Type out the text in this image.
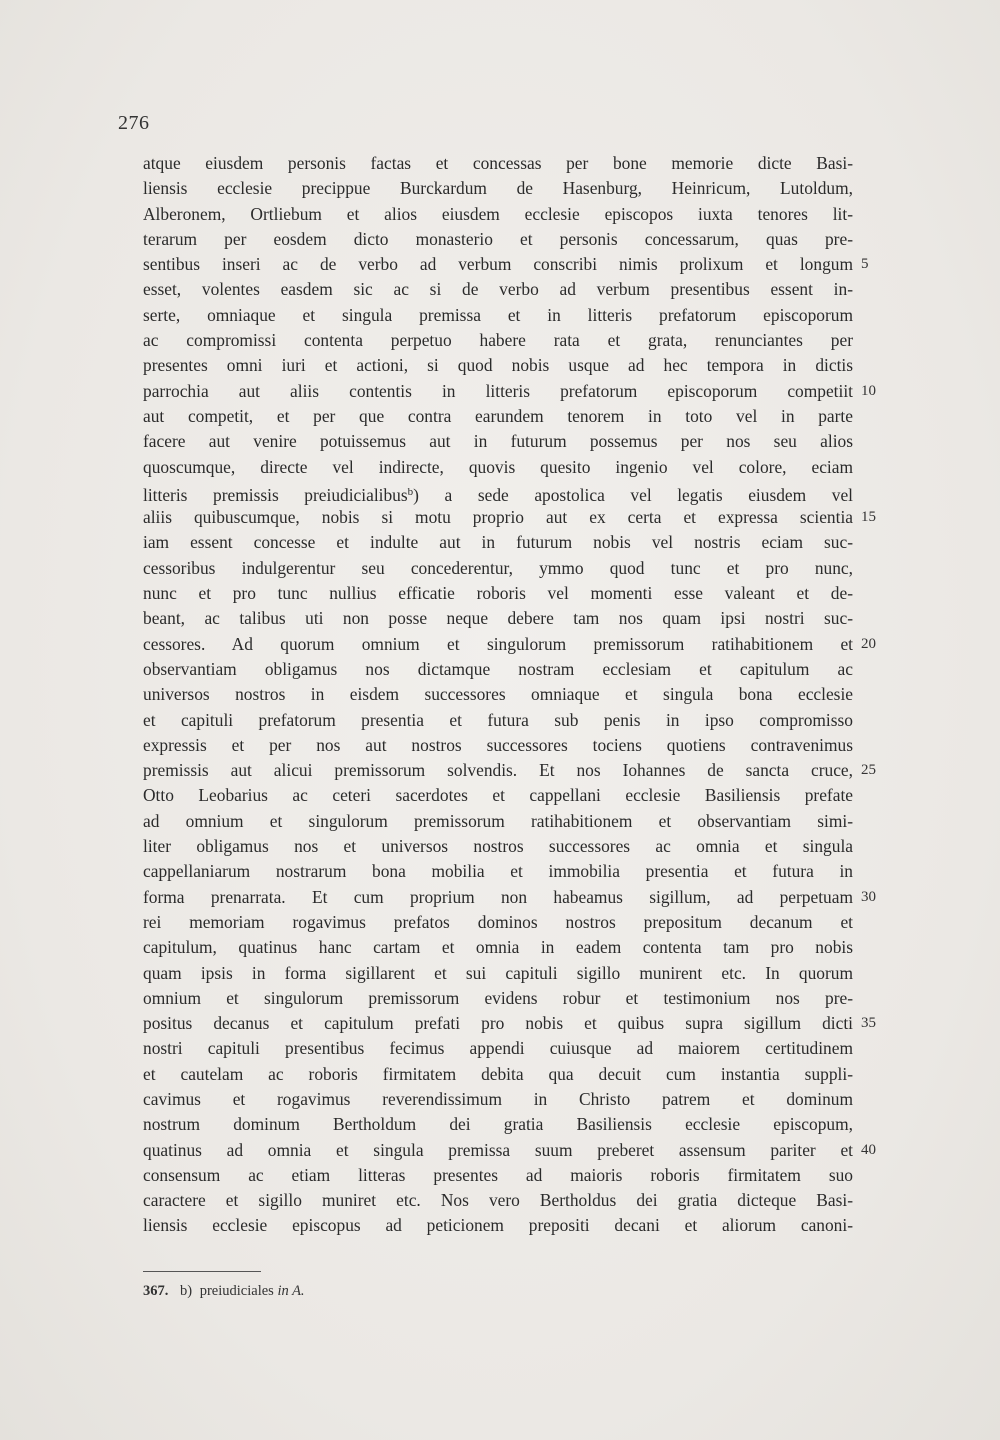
276
atque eiusdem personis factas et concessas per bone memorie dicte Basi-
liensis ecclesie precippue Burckardum de Hasenburg, Heinricum, Lutoldum,
Alberonem, Ortliebum et alios eiusdem ecclesie episcopos iuxta tenores lit-
terarum per eosdem dicto monasterio et personis concessarum, quas pre-
sentibus inseri ac de verbo ad verbum conscribi nimis prolixum et longum 5
esset, volentes easdem sic ac si de verbo ad verbum presentibus essent in-
serte, omniaque et singula premissa et in litteris prefatorum episcoporum
ac compromissi contenta perpetuo habere rata et grata, renunciantes per
presentes omni iuri et actioni, si quod nobis usque ad hec tempora in dictis
parrochia aut aliis contentis in litteris prefatorum episcoporum competiit 10
aut competit, et per que contra earundem tenorem in toto vel in parte
facere aut venire potuissemus aut in futurum possemus per nos seu alios
quoscumque, directe vel indirecte, quovis quesito ingenio vel colore, eciam
litteris premissis preiudicialibus$^b$) a sede apostolica vel legatis eiusdem vel
aliis quibuscumque, nobis si motu proprio aut ex certa et expressa scientia 15
iam essent concesse et indulte aut in futurum nobis vel nostris eciam suc-
cessoribus indulgerentur seu concederentur, ymmo quod tunc et pro nunc,
nunc et pro tunc nullius efficatie roboris vel momenti esse valeant et de-
beant, ac talibus uti non posse neque debere tam nos quam ipsi nostri suc-
cessores. Ad quorum omnium et singulorum premissorum ratihabitionem et 20
observantiam obligamus nos dictamque nostram ecclesiam et capitulum ac
universos nostros in eisdem successores omniaque et singula bona ecclesie
et capituli prefatorum presentia et futura sub penis in ipso compromisso
expressis et per nos aut nostros successores tociens quotiens contravenimus
premissis aut alicui premissorum solvendis. Et nos Iohannes de sancta cruce, 25
Otto Leobarius ac ceteri sacerdotes et cappellani ecclesie Basiliensis prefate
ad omnium et singulorum premissorum ratihabitionem et observantiam simi-
liter obligamus nos et universos nostros successores ac omnia et singula
cappellaniarum nostrarum bona mobilia et immobilia presentia et futura in
forma prenarrata. Et cum proprium non habeamus sigillum, ad perpetuam 30
rei memoriam rogavimus prefatos dominos nostros prepositum decanum et
capitulum, quatinus hanc cartam et omnia in eadem contenta tam pro nobis
quam ipsis in forma sigillarent et sui capituli sigillo munirent etc. In quorum
omnium et singulorum premissorum evidens robur et testimonium nos pre-
positus decanus et capitulum prefati pro nobis et quibus supra sigillum dicti 35
nostri capituli presentibus fecimus appendi cuiusque ad maiorem certitudinem
et cautelam ac roboris firmitatem debita qua decuit cum instantia suppli-
cavimus et rogavimus reverendissimum in Christo patrem et dominum
nostrum dominum Bertholdum dei gratia Basiliensis ecclesie episcopum,
quatinus ad omnia et singula premissa suum preberet assensum pariter et 40
consensum ac etiam litteras presentes ad maioris roboris firmitatem suo
caractere et sigillo muniret etc. Nos vero Bertholdus dei gratia dicteque Basi-
liensis ecclesie episcopus ad peticionem prepositi decani et aliorum canoni-
367. b) preiudiciales in A.
